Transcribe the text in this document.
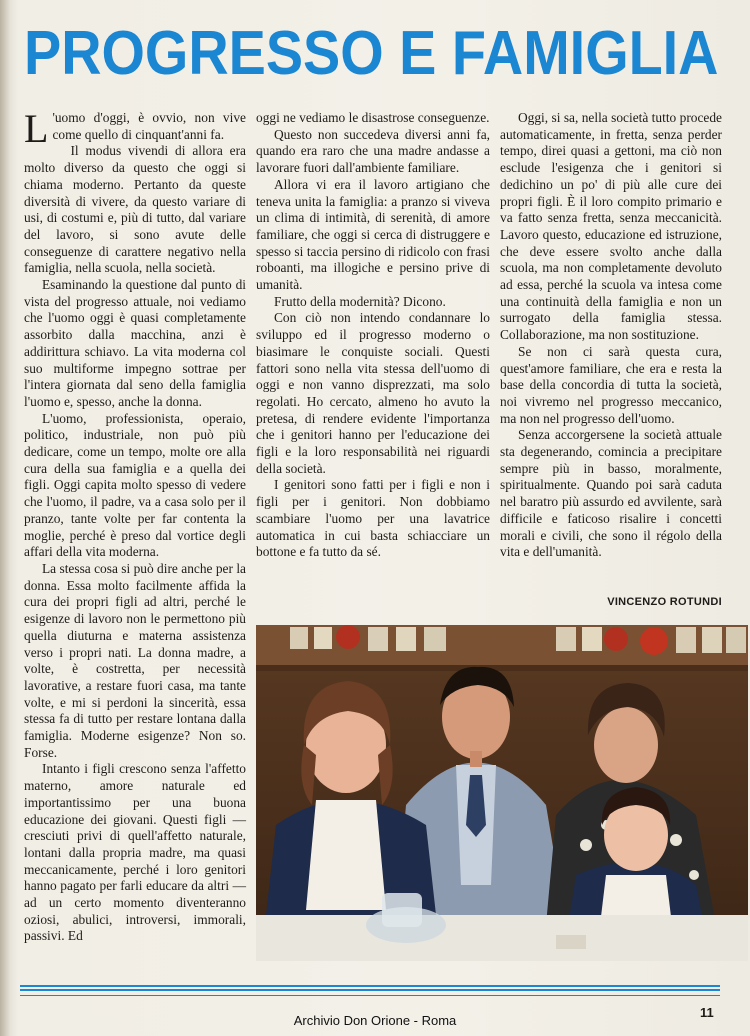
PROGRESSO E FAMIGLIA

L 'uomo d'oggi, è ovvio, non vive come quello di cinquant'anni fa.

Il modus vivendi di allora era molto diverso da questo che oggi si chiama moderno. Pertanto da queste diversità di vivere, da questo variare di usi, di costumi e, più di tutto, dal variare del lavoro, si sono avute delle conseguenze di carattere negativo nella famiglia, nella scuola, nella società.

Esaminando la questione dal punto di vista del progresso attuale, noi vediamo che l'uomo oggi è quasi completamente assorbito dalla macchina, anzi è addirittura schiavo. La vita moderna col suo multiforme impegno sottrae per l'intera giornata dal seno della famiglia l'uomo e, spesso, anche la donna.

L'uomo, professionista, operaio, politico, industriale, non può più dedicare, come un tempo, molte ore alla cura della sua famiglia e a quella dei figli. Oggi capita molto spesso di vedere che l'uomo, il padre, va a casa solo per il pranzo, tante volte per far contenta la moglie, perché è preso dal vortice degli affari della vita moderna.

La stessa cosa si può dire anche per la donna. Essa molto facilmente affida la cura dei propri figli ad altri, perché le esigenze di lavoro non le permettono più quella diuturna e materna assistenza verso i propri nati. La donna madre, a volte, è costretta, per necessità lavorative, a restare fuori casa, ma tante volte, e mi si perdoni la sincerità, essa stessa fa di tutto per restare lontana dalla famiglia. Moderne esigenze? Non so. Forse.

Intanto i figli crescono senza l'affetto materno, amore naturale ed importantissimo per una buona educazione dei giovani. Questi figli — cresciuti privi di quell'affetto naturale, lontani dalla propria madre, ma quasi meccanicamente, perché i loro genitori hanno pagato per farli educare da altri — ad un certo momento diventeranno oziosi, abulici, introversi, immorali, passivi. Ed

oggi ne vediamo le disastrose conseguenze.

Questo non succedeva diversi anni fa, quando era raro che una madre andasse a lavorare fuori dall'ambiente familiare.

Allora vi era il lavoro artigiano che teneva unita la famiglia: a pranzo si viveva un clima di intimità, di serenità, di amore familiare, che oggi si cerca di distruggere e spesso si taccia persino di ridicolo con frasi roboanti, ma illogiche e persino prive di umanità.

Frutto della modernità? Dicono.

Con ciò non intendo condannare lo sviluppo ed il progresso moderno o biasimare le conquiste sociali. Questi fattori sono nella vita stessa dell'uomo di oggi e non vanno disprezzati, ma solo regolati. Ho cercato, almeno ho avuto la pretesa, di rendere evidente l'importanza che i genitori hanno per l'educazione dei figli e la loro responsabilità nei riguardi della società.

I genitori sono fatti per i figli e non i figli per i genitori. Non dobbiamo scambiare l'uomo per una lavatrice automatica in cui basta schiacciare un bottone e fa tutto da sé.

Oggi, si sa, nella società tutto procede automaticamente, in fretta, senza perder tempo, direi quasi a gettoni, ma ciò non esclude l'esigenza che i genitori si dedichino un po' di più alle cure dei propri figli. È il loro compito primario e va fatto senza fretta, senza meccanicità. Lavoro questo, educazione ed istruzione, che deve essere svolto anche dalla scuola, ma non completamente devoluto ad essa, perché la scuola va intesa come una continuità della famiglia e non un surrogato della famiglia stessa. Collaborazione, ma non sostituzione.

Se non ci sarà questa cura, quest'amore familiare, che era e resta la base della concordia di tutta la società, noi vivremo nel progresso meccanico, ma non nel progresso dell'uomo.

Senza accorgersene la società attuale sta degenerando, comincia a precipitare sempre più in basso, moralmente, spiritualmente. Quando poi sarà caduta nel baratro più assurdo ed avvilente, sarà difficile e faticoso risalire i concetti morali e civili, che sono il régolo della vita e dell'umanità.

VINCENZO ROTUNDI
Archivio Don Orione - Roma
11
